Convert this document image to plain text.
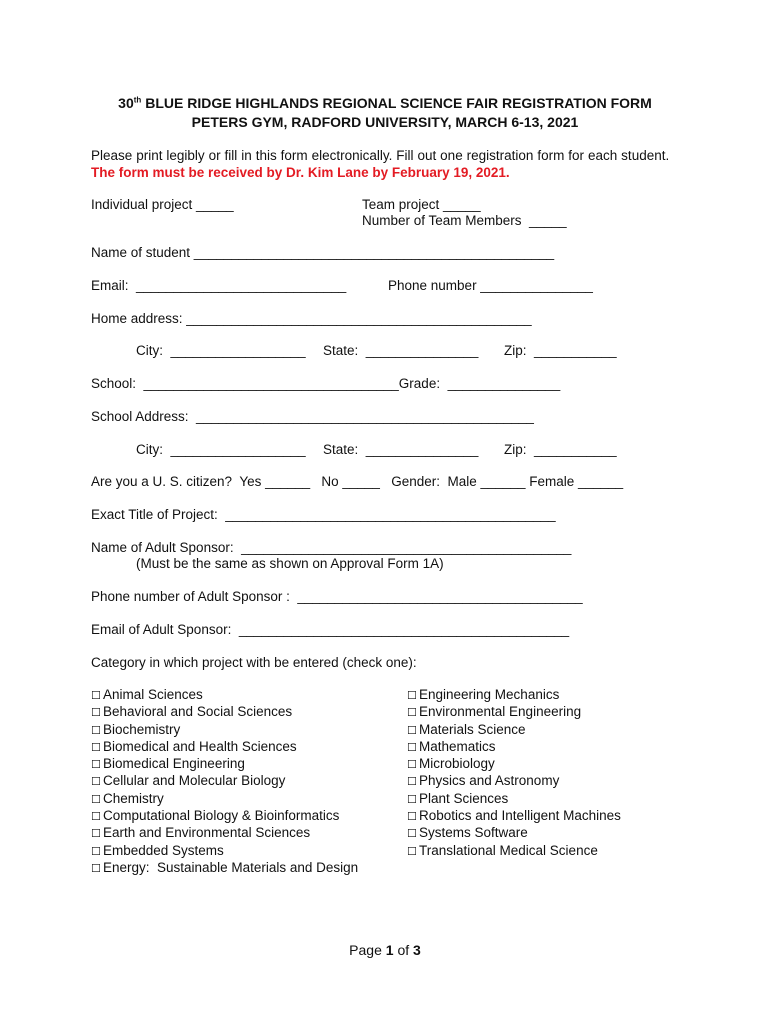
30th BLUE RIDGE HIGHLANDS REGIONAL SCIENCE FAIR REGISTRATION FORM
PETERS GYM, RADFORD UNIVERSITY, MARCH 6-13, 2021
Please print legibly or fill in this form electronically. Fill out one registration form for each student.  The form must be received by Dr. Kim Lane by February 19, 2021.
Individual project _____	Team project _____
Number of Team Members  _____
Name of student ________________________________________________
Email:  ____________________________	Phone number _______________
Home address: ______________________________________________
City:  __________________ State:  _______________ Zip:  ___________
School:  __________________________________Grade:  _______________
School Address:  _____________________________________________
City:  __________________ State:  _______________ Zip:  ___________
Are you a U. S. citizen?  Yes ______   No _____   Gender:  Male ______ Female ______
Exact Title of Project:  ____________________________________________
Name of Adult Sponsor:  ____________________________________________
(Must be the same as shown on Approval Form 1A)
Phone number of Adult Sponsor :  ______________________________________
Email of Adult Sponsor:  ____________________________________________
Category in which project with be entered (check one):
☐ Animal Sciences
☐ Behavioral and Social Sciences
☐ Biochemistry
☐ Biomedical and Health Sciences
☐ Biomedical Engineering
☐ Cellular and Molecular Biology
☐ Chemistry
☐ Computational Biology & Bioinformatics
☐ Earth and Environmental Sciences
☐ Embedded Systems
☐ Energy:  Sustainable Materials and Design
☐ Engineering Mechanics
☐ Environmental Engineering
☐ Materials Science
☐ Mathematics
☐ Microbiology
☐ Physics and Astronomy
☐ Plant Sciences
☐ Robotics and Intelligent Machines
☐ Systems Software
☐ Translational Medical Science
Page 1 of 3
